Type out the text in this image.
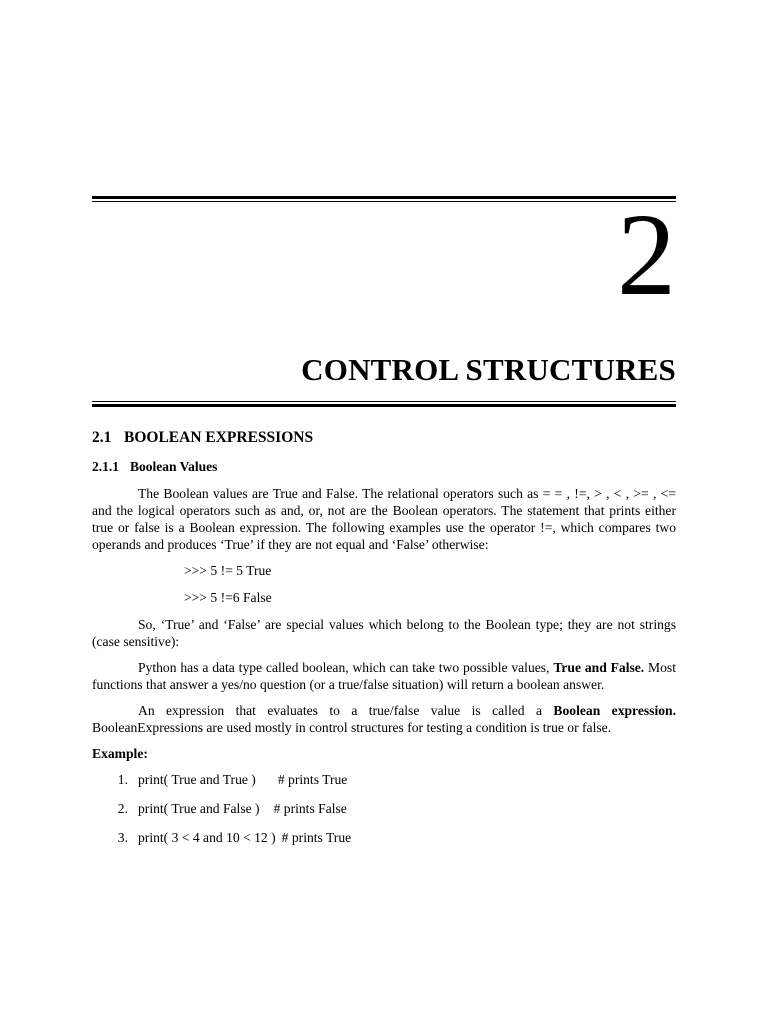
2
CONTROL STRUCTURES
2.1 BOOLEAN EXPRESSIONS
2.1.1 Boolean Values

The Boolean values are True and False. The relational operators such as = = , !=, > , < , >= , <= and the logical operators such as and, or, not are the Boolean operators. The statement that prints either true or false is a Boolean expression. The following examples use the operator !=, which compares two operands and produces ‘True’ if they are not equal and ‘False’ otherwise:

>>> 5 != 5 True
>>> 5 !=6 False

So, ‘True’ and ‘False’ are special values which belong to the Boolean type; they are not strings (case sensitive):

Python has a data type called boolean, which can take two possible values, True and False. Most functions that answer a yes/no question (or a true/false situation) will return a boolean answer.

An expression that evaluates to a true/false value is called a Boolean expression. BooleanExpressions are used mostly in control structures for testing a condition is true or false.

Example:
1. print( True and True ) # prints True
2. print( True and False ) # prints False
3. print( 3 < 4 and 10 < 12 ) # prints True
